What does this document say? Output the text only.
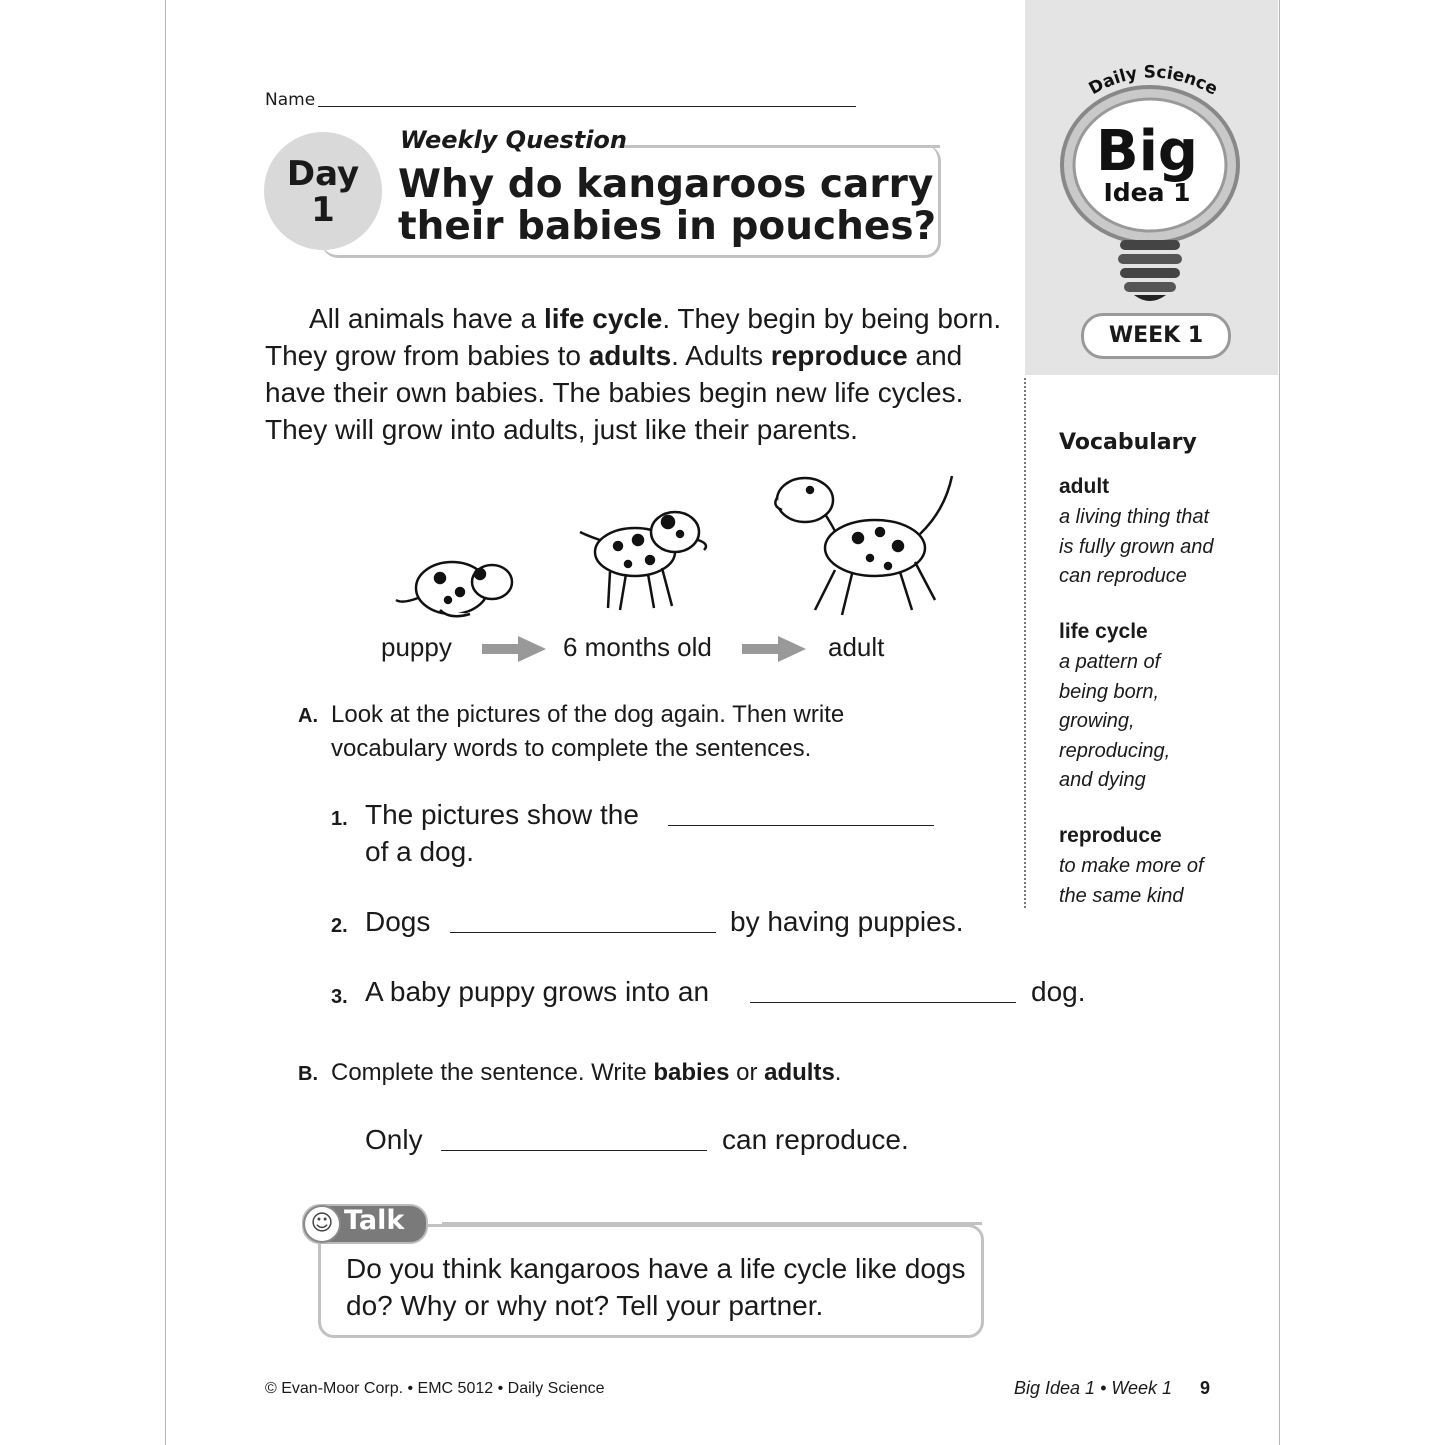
Name
Day
1
Weekly Question
Why do kangaroos carry their babies in pouches?
Daily Science
Big
Idea 1
WEEK 1
All animals have a life cycle. They begin by being born. They grow from babies to adults. Adults reproduce and have their own babies. The babies begin new life cycles. They will grow into adults, just like their parents.
puppy	6 months old	adult
A. Look at the pictures of the dog again. Then write vocabulary words to complete the sentences.
1. The pictures show the
of a dog.
2. Dogs	by having puppies.
3. A baby puppy grows into an	dog.
B. Complete the sentence. Write babies or adults.
Only	can reproduce.
☺ Talk
Do you think kangaroos have a life cycle like dogs do? Why or why not? Tell your partner.
Vocabulary
adult
a living thing that is fully grown and can reproduce
life cycle
a pattern of being born, growing, reproducing, and dying
reproduce
to make more of the same kind
© Evan-Moor Corp. • EMC 5012 • Daily Science	Big Idea 1 • Week 1 9
